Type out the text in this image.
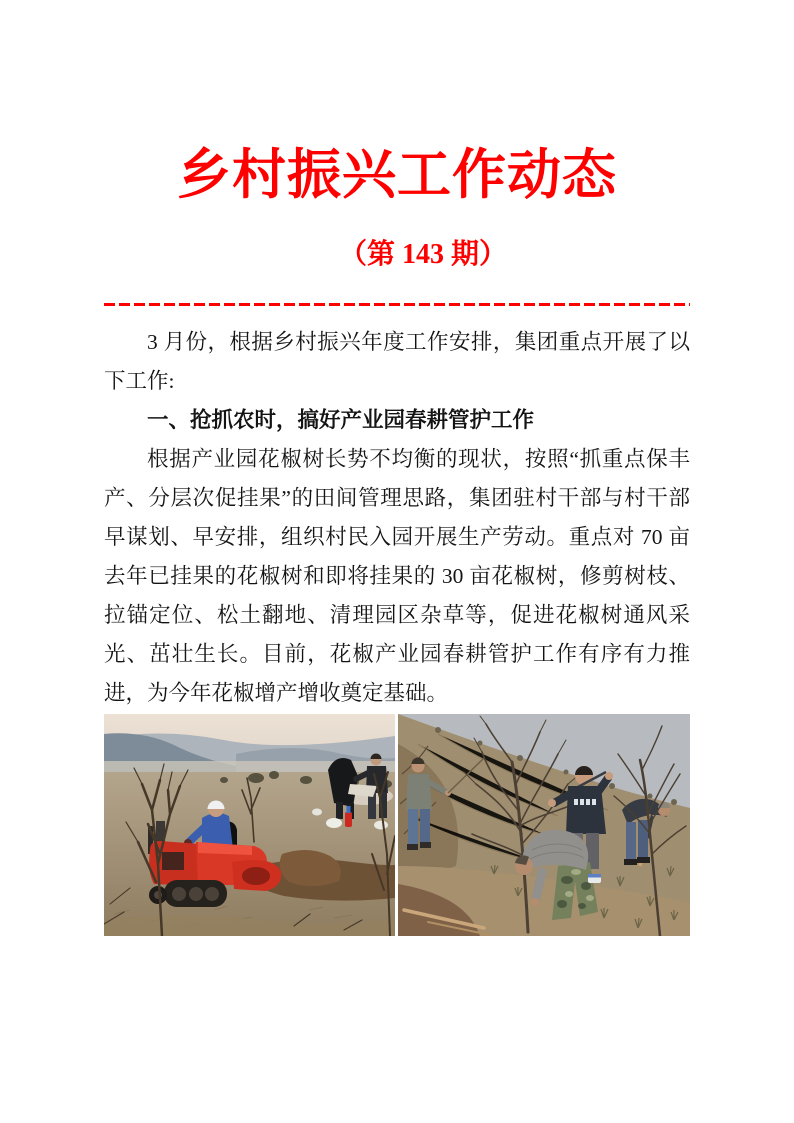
乡村振兴工作动态
（第 143 期）

3 月份，根据乡村振兴年度工作安排，集团重点开展了以下工作:

一、抢抓农时，搞好产业园春耕管护工作

根据产业园花椒树长势不均衡的现状，按照“抓重点保丰产、分层次促挂果”的田间管理思路，集团驻村干部与村干部早谋划、早安排，组织村民入园开展生产劳动。重点对 70 亩去年已挂果的花椒树和即将挂果的 30 亩花椒树，修剪树枝、拉锚定位、松土翻地、清理园区杂草等，促进花椒树通风采光、茁壮生长。目前，花椒产业园春耕管护工作有序有力推进，为今年花椒增产增收奠定基础。
